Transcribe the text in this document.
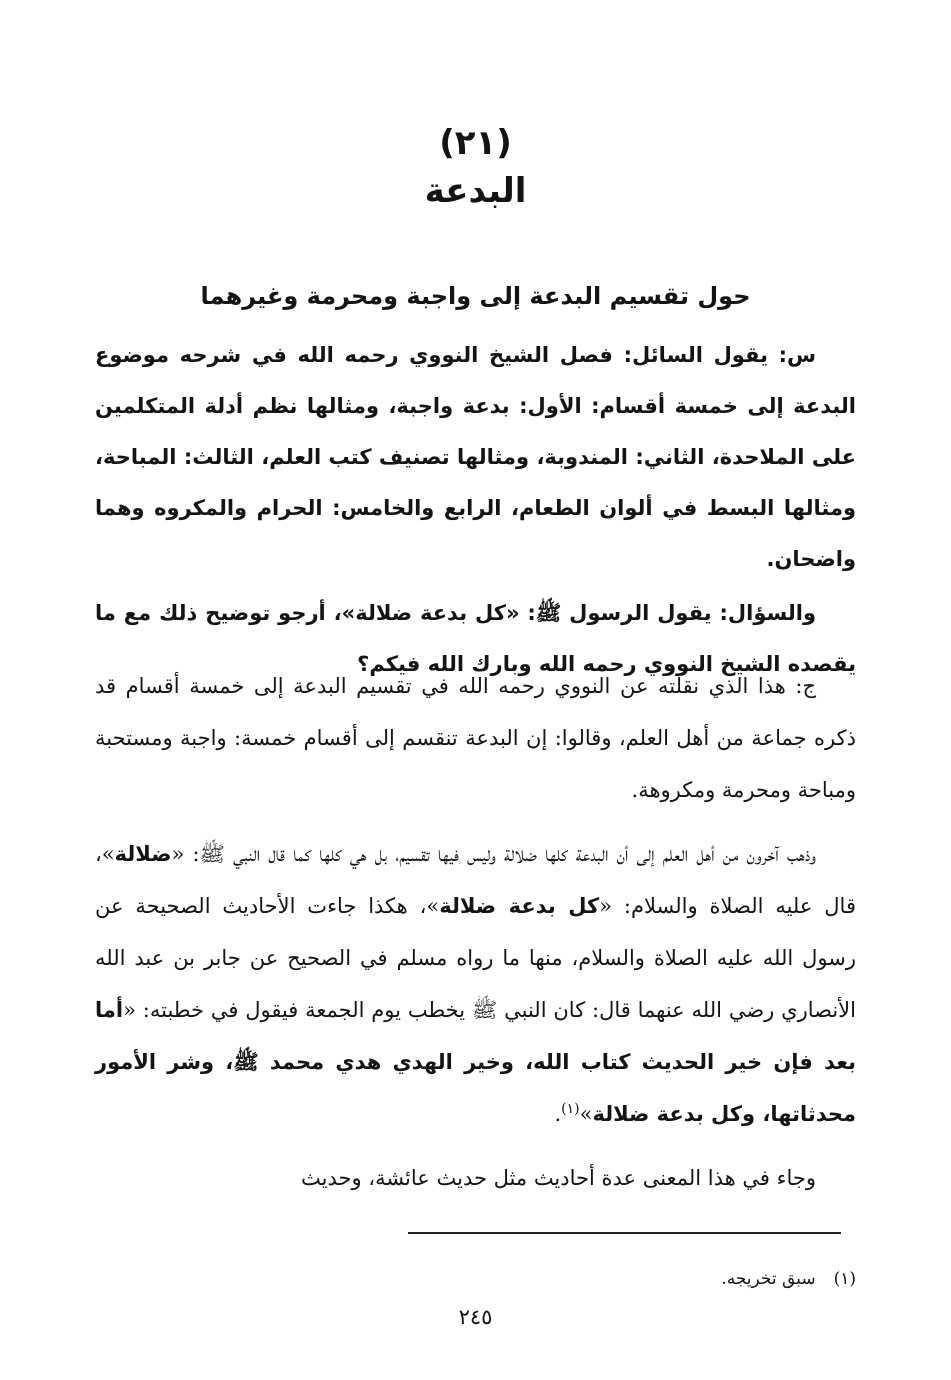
(٢١)
البدعة
حول تقسيم البدعة إلى واجبة ومحرمة وغيرهما

س: يقول السائل: فصل الشيخ النووي رحمه الله في شرحه موضوع البدعة إلى خمسة أقسام: الأول: بدعة واجبة، ومثالها نظم أدلة المتكلمين على الملاحدة، الثاني: المندوبة، ومثالها تصنيف كتب العلم، الثالث: المباحة، ومثالها البسط في ألوان الطعام، الرابع والخامس: الحرام والمكروه وهما واضحان.

والسؤال: يقول الرسول ﷺ: «كل بدعة ضلالة»، أرجو توضيح ذلك مع ما يقصده الشيخ النووي رحمه الله وبارك الله فيكم؟

ج: هذا الذي نقلته عن النووي رحمه الله في تقسيم البدعة إلى خمسة أقسام قد ذكره جماعة من أهل العلم، وقالوا: إن البدعة تنقسم إلى أقسام خمسة: واجبة ومستحبة ومباحة ومحرمة ومكروهة.

وذهب آخرون من أهل العلم إلى أن البدعة كلها ضلالة وليس فيها تقسيم، بل هي كلها كما قال النبي ﷺ: «ضلالة»، قال عليه الصلاة والسلام: «كل بدعة ضلالة»، هكذا جاءت الأحاديث الصحيحة عن رسول الله عليه الصلاة والسلام، منها ما رواه مسلم في الصحيح عن جابر بن عبد الله الأنصاري رضي الله عنهما قال: كان النبي ﷺ يخطب يوم الجمعة فيقول في خطبته: «أما بعد فإن خير الحديث كتاب الله، وخير الهدي هدي محمد ﷺ، وشر الأمور محدثاتها، وكل بدعة ضلالة»$^{(١)}$.

وجاء في هذا المعنى عدة أحاديث مثل حديث عائشة، وحديث

(١)سبق تخريجه.
٢٤٥
